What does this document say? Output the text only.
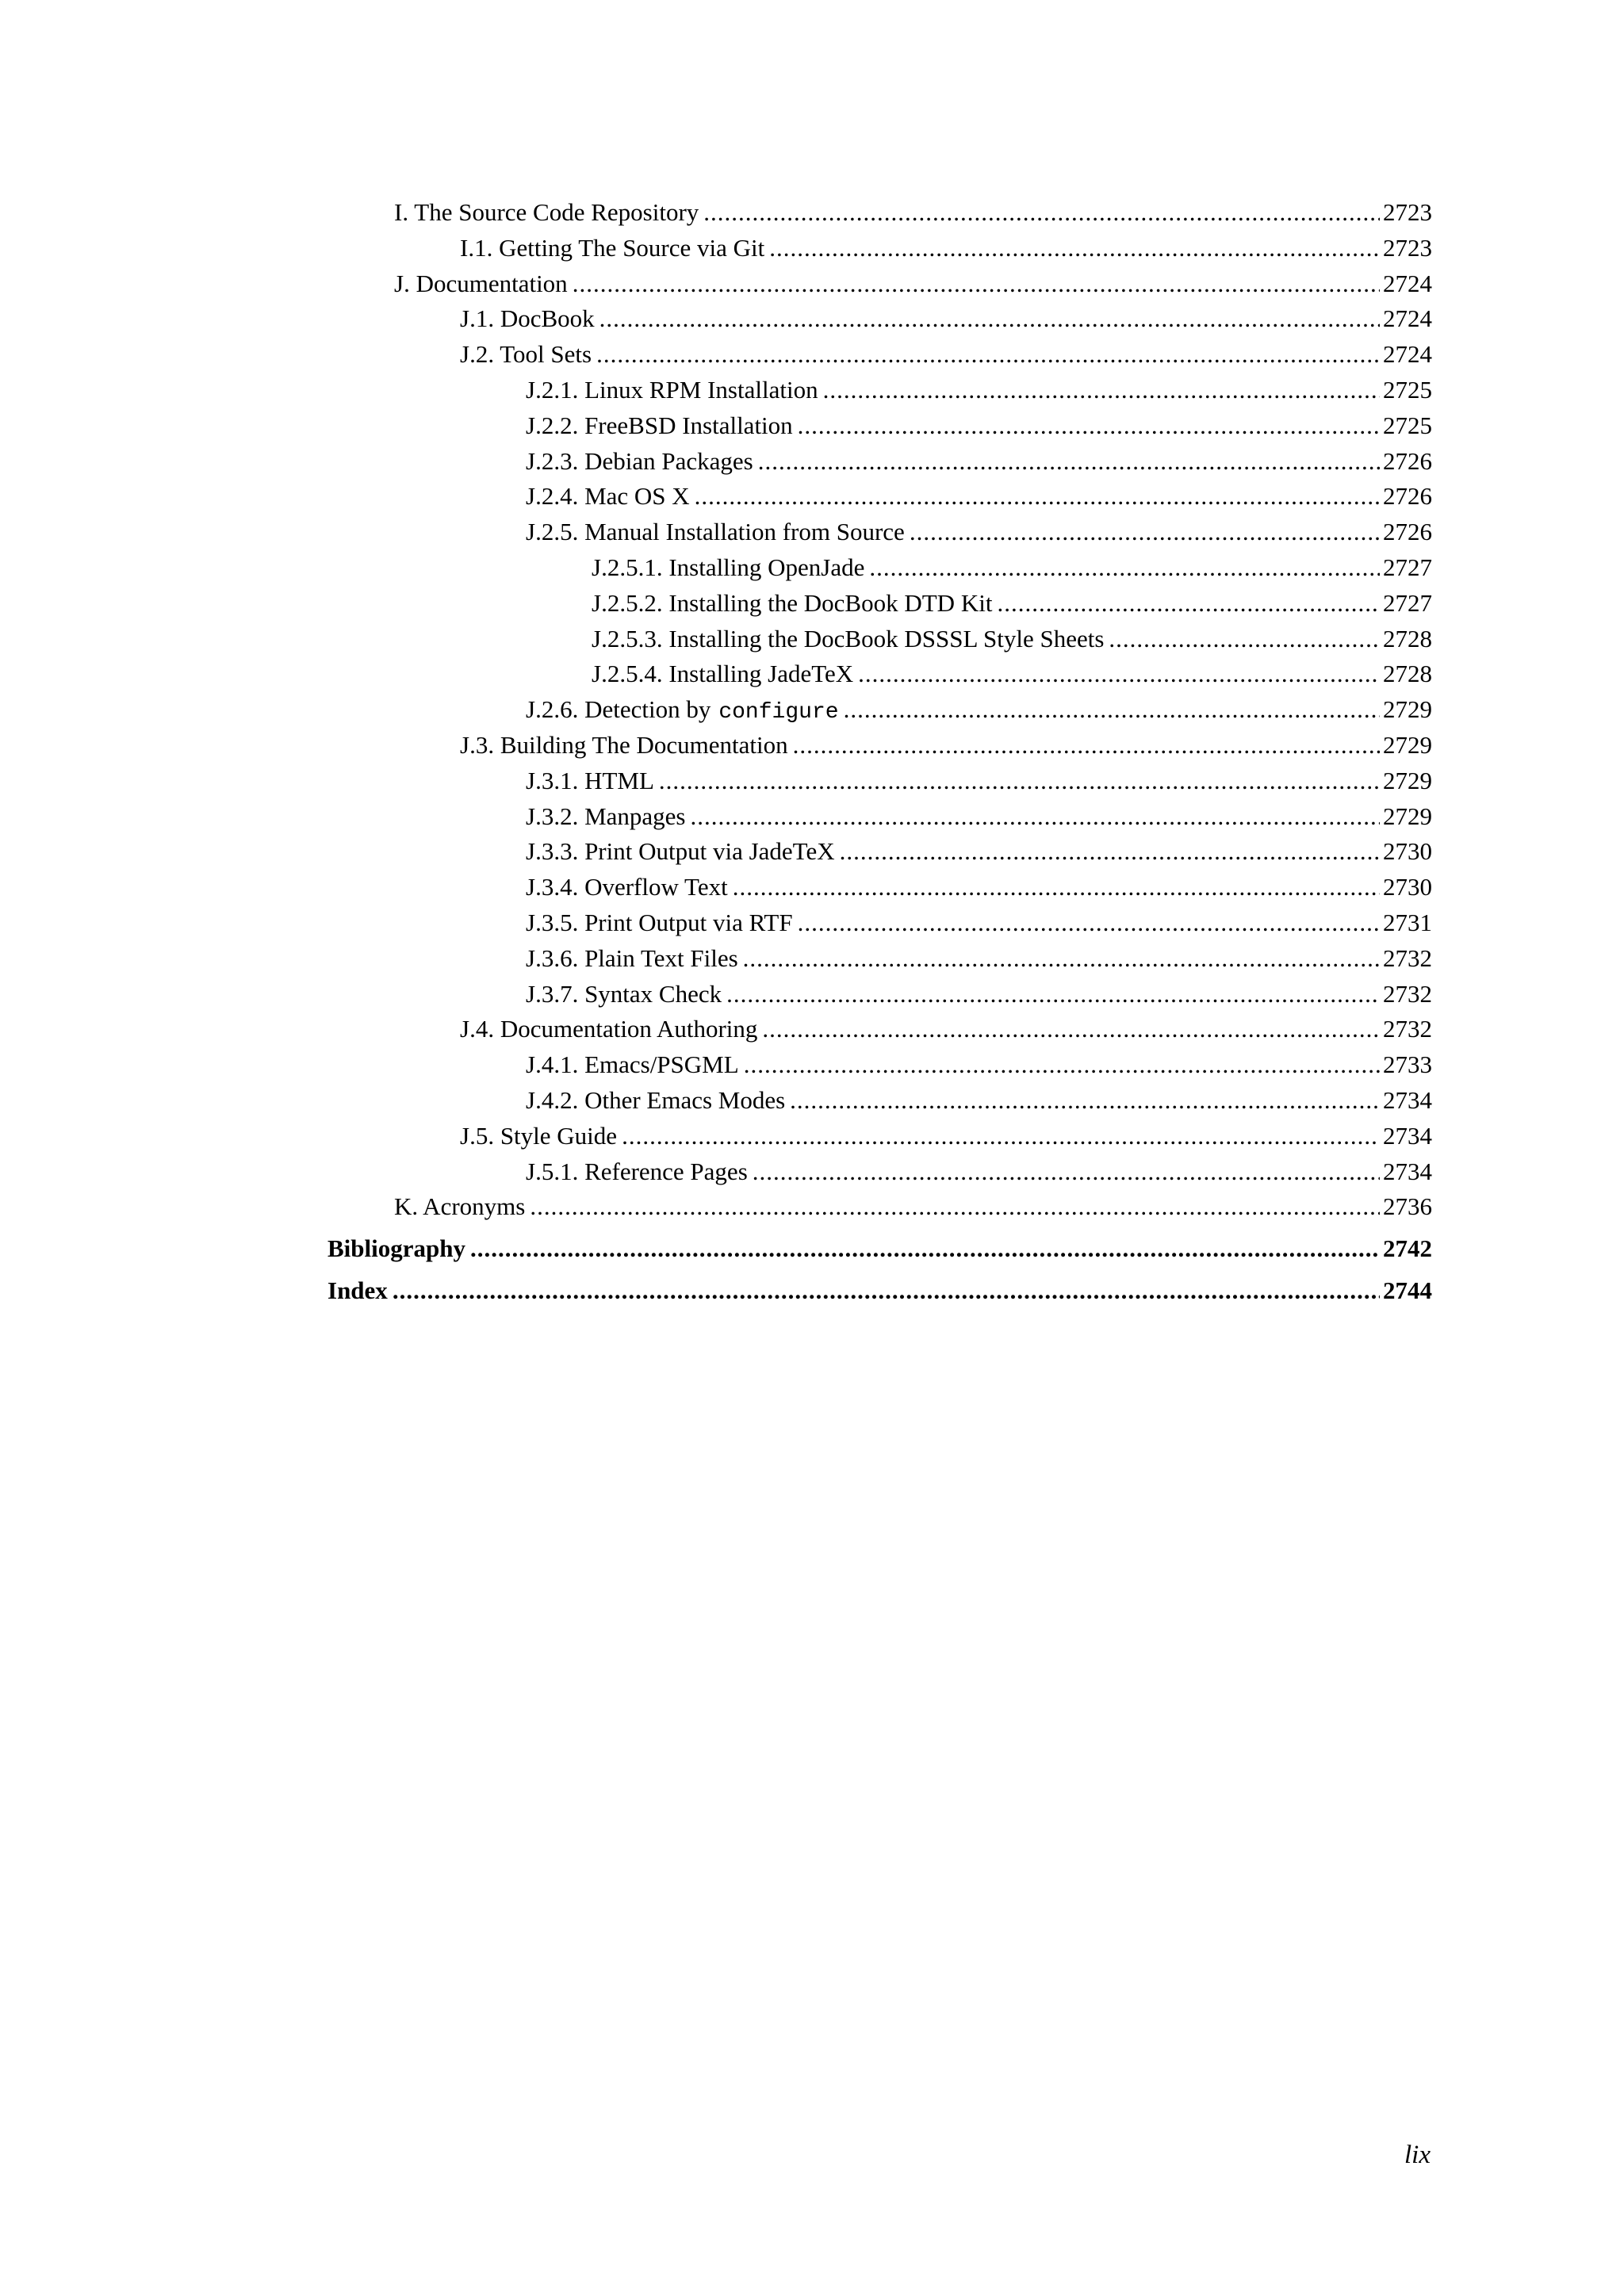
I. The Source Code Repository .....	2723
I.1. Getting The Source via Git .....	2723
J. Documentation .....	2724
J.1. DocBook .....	2724
J.2. Tool Sets .....	2724
J.2.1. Linux RPM Installation .....	2725
J.2.2. FreeBSD Installation .....	2725
J.2.3. Debian Packages .....	2726
J.2.4. Mac OS X .....	2726
J.2.5. Manual Installation from Source .....	2726
J.2.5.1. Installing OpenJade .....	2727
J.2.5.2. Installing the DocBook DTD Kit .....	2727
J.2.5.3. Installing the DocBook DSSSL Style Sheets .....	2728
J.2.5.4. Installing JadeTeX .....	2728
J.2.6. Detection by configure .....	2729
J.3. Building The Documentation .....	2729
J.3.1. HTML .....	2729
J.3.2. Manpages .....	2729
J.3.3. Print Output via JadeTeX .....	2730
J.3.4. Overflow Text .....	2730
J.3.5. Print Output via RTF .....	2731
J.3.6. Plain Text Files .....	2732
J.3.7. Syntax Check .....	2732
J.4. Documentation Authoring .....	2732
J.4.1. Emacs/PSGML .....	2733
J.4.2. Other Emacs Modes .....	2734
J.5. Style Guide .....	2734
J.5.1. Reference Pages .....	2734
K. Acronyms .....	2736
Bibliography .....	2742
Index .....	2744
lix
